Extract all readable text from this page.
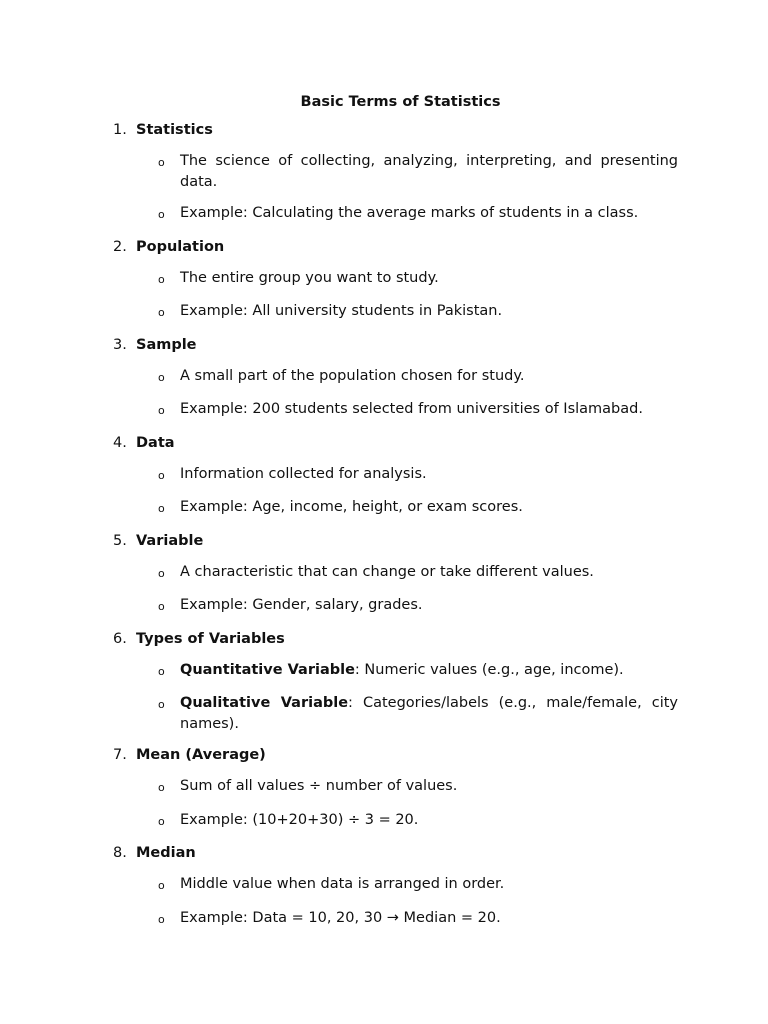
Basic Terms of Statistics
1. Statistics
o	The science of collecting, analyzing, interpreting, and presenting data.
o	Example: Calculating the average marks of students in a class.
2. Population
o	The entire group you want to study.
o	Example: All university students in Pakistan.
3. Sample
o	A small part of the population chosen for study.
o	Example: 200 students selected from universities of Islamabad.
4. Data
o	Information collected for analysis.
o	Example: Age, income, height, or exam scores.
5. Variable
o	A characteristic that can change or take different values.
o	Example: Gender, salary, grades.
6. Types of Variables
o	Quantitative Variable: Numeric values (e.g., age, income).
o	Qualitative Variable: Categories/labels (e.g., male/female, city names).
7. Mean (Average)
o	Sum of all values ÷ number of values.
o	Example: (10+20+30) ÷ 3 = 20.
8. Median
o	Middle value when data is arranged in order.
o	Example: Data = 10, 20, 30 → Median = 20.
